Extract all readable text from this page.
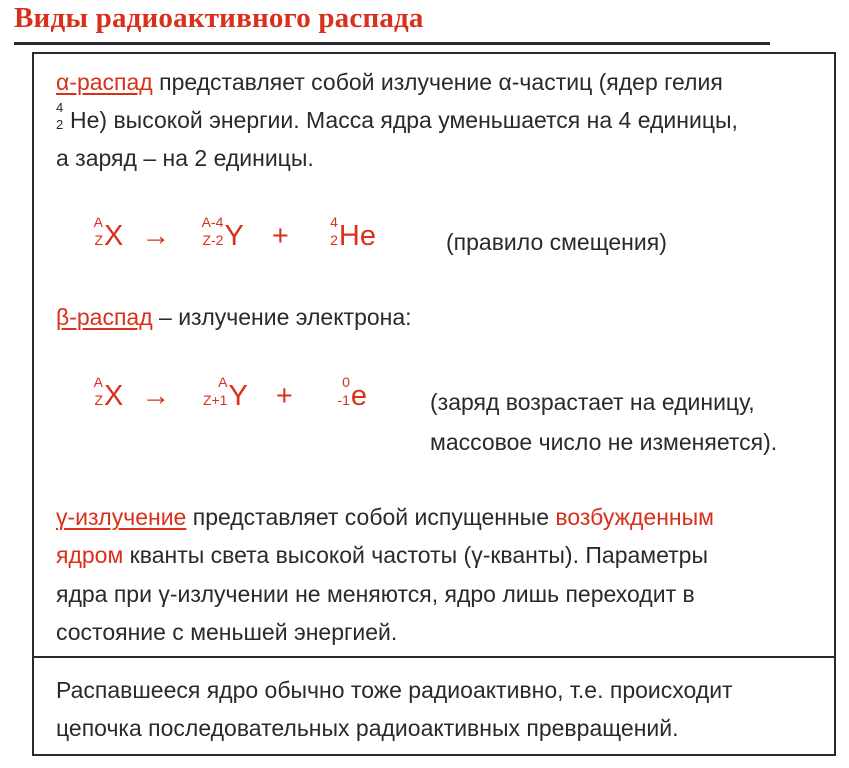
Виды радиоактивного распада
α-распад представляет собой излучение α-частиц (ядер гелия
4
2 He) высокой энергии. Масса ядра уменьшается на 4 единицы,
а заряд – на 2 единицы.
A
Z X → A-4
Z-2 Y +	4
2 He	(правило смещения)
β-распад – излучение электрона:
A
Z X →	A
Z+1 Y +	0
-1 e	(заряд возрастает на единицу,
массовое число не изменяется).
γ-излучение представляет собой испущенные возбужденным
ядром кванты света высокой частоты (γ-кванты). Параметры
ядра при γ-излучении не меняются, ядро лишь переходит в
состояние с меньшей энергией.
Распавшееся ядро обычно тоже радиоактивно, т.е. происходит
цепочка последовательных радиоактивных превращений.
